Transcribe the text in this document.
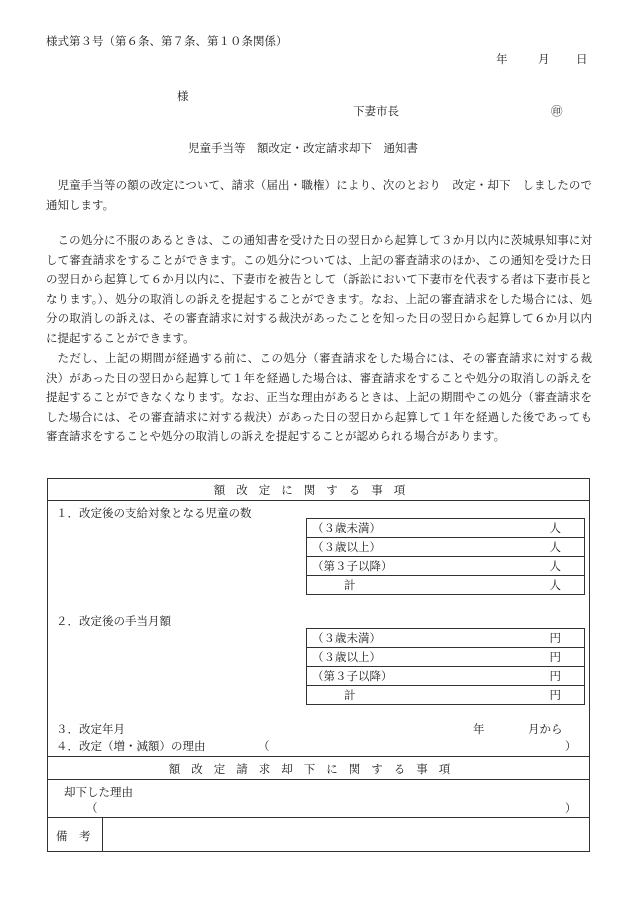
様式第３号（第６条、第７条、第１０条関係）
年	月 日
様
下妻市長	㊞
児童手当等　額改定・改定請求却下　通知書
児童手当等の額の改定について、請求（届出・職権）により、次のとおり　改定・却下　しましたので通知します。
この処分に不服のあるときは、この通知書を受けた日の翌日から起算して３か月以内に茨城県知事に対して審査請求をすることができます。この処分については、上記の審査請求のほか、この通知を受けた日の翌日から起算して６か月以内に、下妻市を被告として（訴訟において下妻市を代表する者は下妻市長となります。）、処分の取消しの訴えを提起することができます。なお、上記の審査請求をした場合には、処分の取消しの訴えは、その審査請求に対する裁決があったことを知った日の翌日から起算して６か月以内に提起することができます。
ただし、上記の期間が経過する前に、この処分（審査請求をした場合には、その審査請求に対する裁決）があった日の翌日から起算して１年を経過した場合は、審査請求をすることや処分の取消しの訴えを提起することができなくなります。なお、正当な理由があるときは、上記の期間やこの処分（審査請求をした場合には、その審査請求に対する裁決）があった日の翌日から起算して１年を経過した後であっても審査請求をすることや処分の取消しの訴えを提起することが認められる場合があります。
額改定に関する事項
１．改定後の支給対象となる児童の数
（３歳未満）	人

（３歳以上）	人

（第３子以降）	人

計	人
２．改定後の手当月額
（３歳未満）	円

（３歳以上）	円

（第３子以降）	円

計	円
３．改定年月	年	月から
４．改定（増・減額）の理由	（	）
額改定請求却下に関する事項
却下した理由
（	）
備　考
